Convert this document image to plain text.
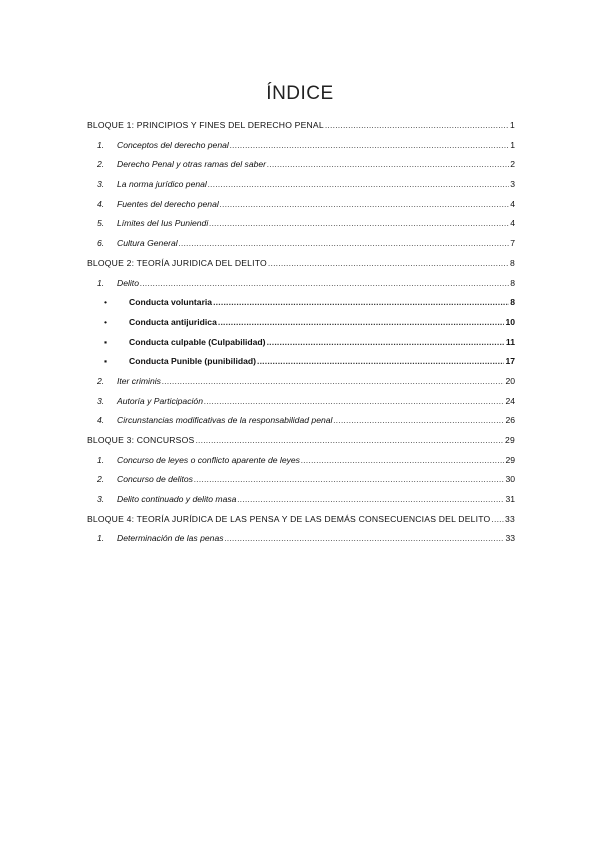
ÍNDICE
BLOQUE 1: PRINCIPIOS Y FINES DEL DERECHO PENAL .....	1
1.	Conceptos del derecho penal .....	1
2.	Derecho Penal y otras ramas del saber .....	2
3.	La norma jurídico penal .....	3
4.	Fuentes del derecho penal .....	4
5.	Límites del Ius Puniendi .....	4
6.	Cultura General .....	7
BLOQUE 2: TEORÍA JURIDICA DEL DELITO .....	8
1.	Delito .....	8
•	Conducta voluntaria .....	8
•	Conducta antijuridica .....	10
▪	Conducta culpable (Culpabilidad) .....	11
▪	Conducta Punible (punibilidad) .....	17
2.	Iter criminis .....	20
3.	Autoría y Participación .....	24
4.	Circunstancias modificativas de la responsabilidad penal .....	26
BLOQUE 3: CONCURSOS .....	29
1.	Concurso de leyes o conflicto aparente de leyes .....	29
2.	Concurso de delitos .....	30
3.	Delito continuado y delito masa .....	31
BLOQUE 4: TEORÍA JURÍDICA DE LAS PENSA Y DE LAS DEMÁS CONSECUENCIAS DEL DELITO ..... 33
1.	Determinación de las penas .....	33
